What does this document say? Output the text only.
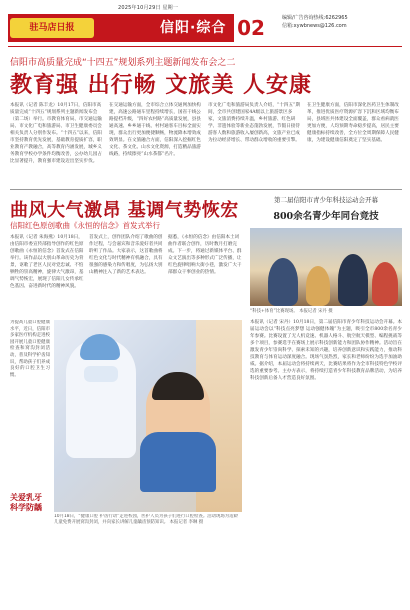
2025年10月29日 星期一
驻马店日报	信阳·综合 02	编辑/广告咨询热线:6262965
信箱:xywbnews@126.com
信阳市高质量完成“十四五”规划系列主题新闻发布会之二
教育强 出行畅 文旅美 人安康

本报讯（记者 陈丰龙）10月17日，信阳市高质量完成“十四五”规划系列主题新闻发布会（第二场）举行。市教育体育局、市交通运输局、市文化广电和旅游局、市卫生健康委员会相关负责人分别作发布。“十四五”以来，信阳市坚持教育优先发展，基础教育提质扩容，职业教育产教融合，高等教育内涵发展，城乡义务教育学校办学条件均衡改善，公办幼儿园占比显著提升，教育强市建设迈出坚实步伐。

在交通运输方面，全市综合立体交通网加快构建，高速公路通车里程持续增长，国省干线公路提档升级，“四好农村路”高质量发展，县县通高速、乡乡通干线、村村通客车目标全面实现，群众出行更加便捷顺畅，物流降本增效成效明显。在文旅融合方面，信阳深入挖掘红色文化、茶文化、山水文化资源，打造精品旅游线路，持续擦亮“山水茶都”名片。

市文化广电和旅游局负责人介绍，“十四五”期间，全市共创建国家4A级以上旅游景区多家，文旅消费持续升温，乡村旅游、红色研学、非遗体验等新业态蓬勃发展，节假日接待游客人数和旅游收入屡创新高，文旅产业已成为拉动经济增长、带动群众增收的重要引擎。

在卫生健康方面，信阳市深化医药卫生体制改革，推进优质医疗资源扩容下沉和区域均衡布局，县域医共体建设全面覆盖，群众看病就医更加方便，人均预期寿命稳步提高，居民主要健康指标持续改善，全方位全周期保障人民健康，为建设健康信阳奠定了坚实基础。

曲风大气激昂 基调气势恢宏
信阳红色原创歌曲《永恒的信念》首发式举行

本报讯（记者 朱海燕）10月18日，由信阳市委宣传部指导创作的红色原创歌曲《永恒的信念》首发式在信阳举行。该作品以大别山革命历史为背景，讴歌了老区人民对党忠诚、不怕牺牲的崇高精神，旋律大气激昂，基调气势恢宏，展现了信阳儿女传承红色基因、奋进新时代的精神风貌。

首发式上，创作团队介绍了歌曲的创作过程，与会嘉宾和音乐爱好者共同聆听了作品。大家表示，这首歌曲将红色文化与时代精神有机融合，具有很强的感染力和传唱度，为弘扬大别山精神注入了新的艺术表达。

据悉，《永恒的信念》由信阳本土词曲作者联合创作，历时数月打磨完成。下一步，将通过新媒体平台、群众文艺演出等多种形式广泛传播，让红色旋律唱响大街小巷，激发广大干部群众干事创业的热情。

第二届信阳市青少年科技运动会开幕
800余名青少年同台竞技
“科技+体育”比赛现场。 本报记者 宋丹 摄
本报讯（记者 宋丹）10月18日，第二届信阳市青少年科技运动会开幕。本届运动会以“科技点亮梦想 运动强健体魄”为主题，吸引全市800余名青少年参赛。比赛设置了无人机竞速、机器人格斗、航空航天模型、编程挑战等多个项目，参赛选手在赛场上展示科技创新能力和团队协作精神。活动旨在激发青少年崇尚科学、探索未知的兴趣，培养创新意识和实践能力，推动科技教育与体育运动深度融合。现场气氛热烈，家长和老师纷纷为选手加油助威。据介绍，本届运动会将持续两天，比赛结果将作为全市科技特色学校评选的重要参考。主办方表示，将持续打造青少年科技教育品牌活动，为培养科技创新后备人才营造良好氛围。
为提高儿童口腔健康水平，近日，信阳市多家医疗机构走进校园开展儿童口腔健康检查和窝沟封闭活动，普及科学护齿知识，帮助孩子们养成良好的口腔卫生习惯。
关爱乳牙 科学防龋
10月18日，“健康口腔 护齿行动”走进校园，医护人员为孩子们进行口腔检查。活动现场为适龄儿童免费开展窝沟封闭，并向家长讲解儿童龋齿预防知识。 本报记者 李琳 摄
